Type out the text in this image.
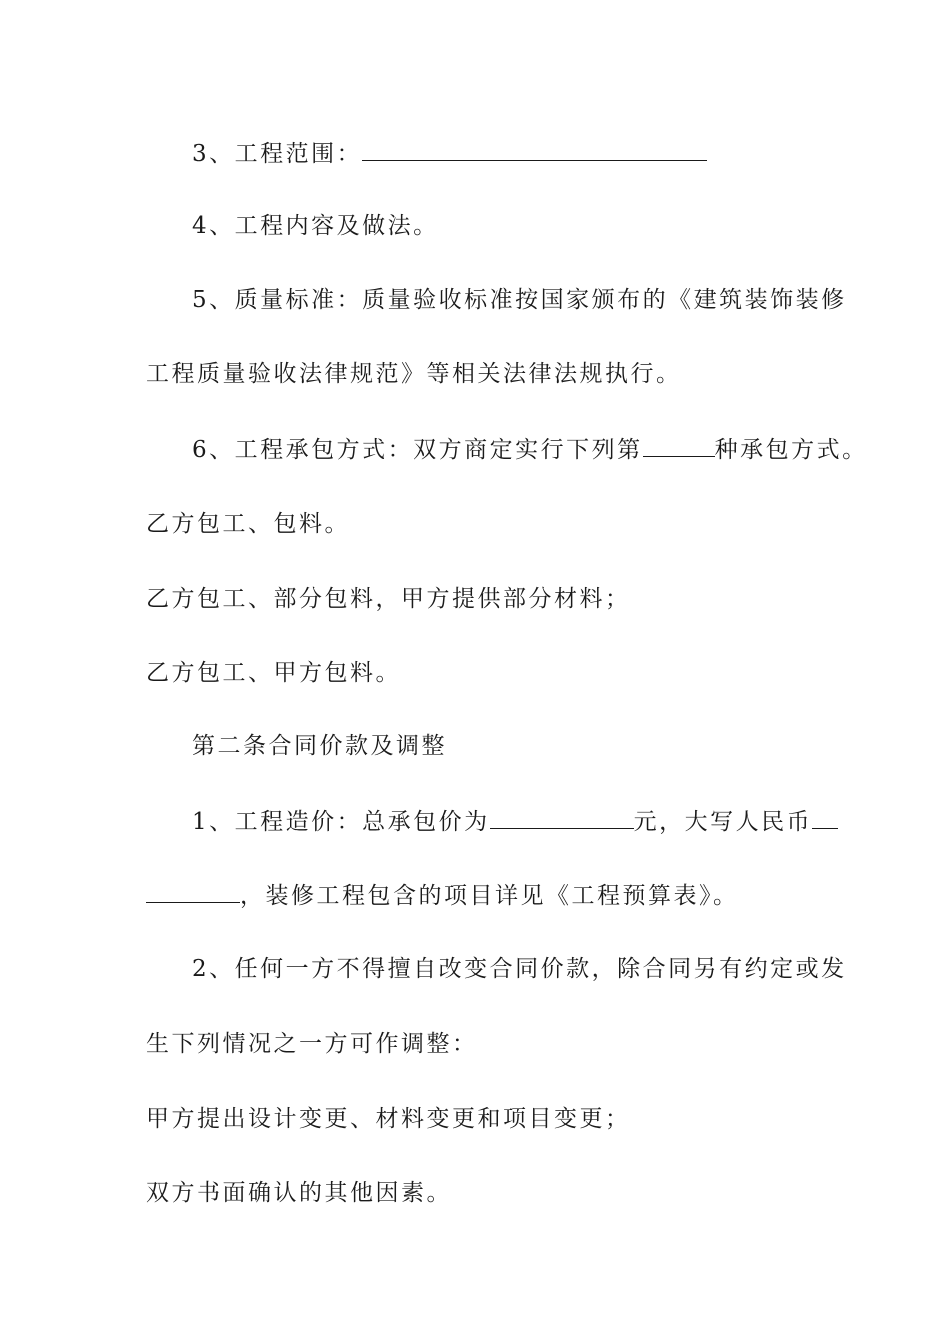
3、工程范围：
4、工程内容及做法。
5、质量标准：质量验收标准按国家颁布的《建筑装饰装修
工程质量验收法律规范》等相关法律法规执行。
6、工程承包方式：双方商定实行下列第	种承包方式。
乙方包工、包料。
乙方包工、部分包料，甲方提供部分材料；
乙方包工、甲方包料。
第二条合同价款及调整
1、工程造价：总承包价为	元，大写人民币
，装修工程包含的项目详见《工程预算表》。
2、任何一方不得擅自改变合同价款，除合同另有约定或发
生下列情况之一方可作调整：
甲方提出设计变更、材料变更和项目变更；
双方书面确认的其他因素。
